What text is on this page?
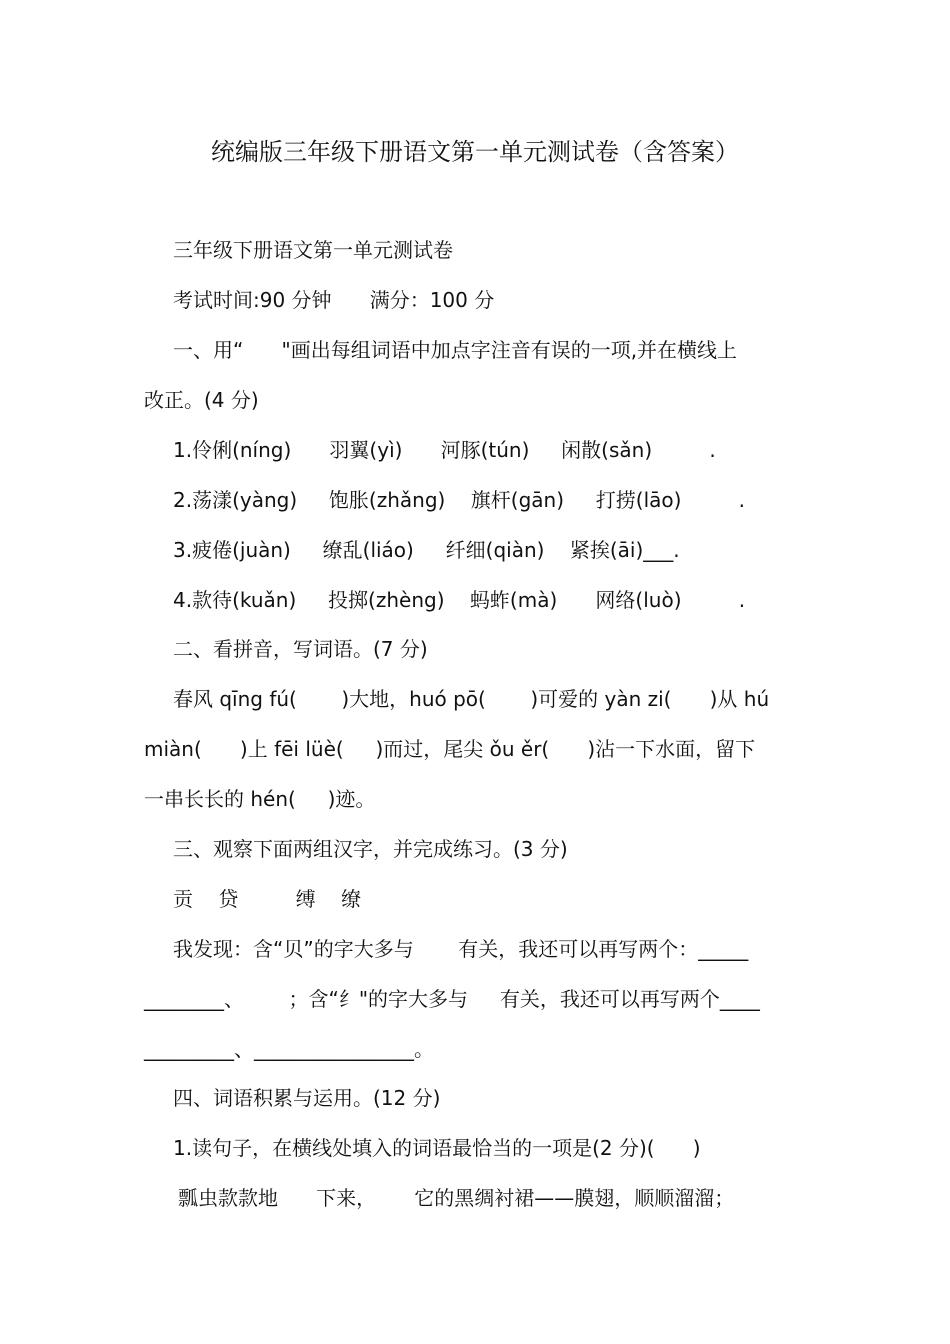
统编版三年级下册语文第一单元测试卷（含答案）
三年级下册语文第一单元测试卷
考试时间:90 分钟      满分：100 分
一、用“      "画出每组词语中加点字注音有误的一项,并在横线上
改正。(4 分)
1.伶俐(níng)      羽翼(yì)      河豚(tún)     闲散(sǎn)         .
2.荡漾(yàng)     饱胀(zhǎng)    旗杆(gān)     打捞(lāo)         .
3.疲倦(juàn)     缭乱(liáo)     纤细(qiàn)    紧挨(āi)___.
4.款待(kuǎn)     投掷(zhèng)    蚂蚱(mà)      网络(luò)         .
二、看拼音，写词语。(7 分)
春风 qīng fú(       )大地，huó pō(       )可爱的 yàn zi(      )从 hú
miàn(      )上 fēi lüè(     )而过，尾尖 ǒu ěr(      )沾一下水面，留下
一串长长的 hén(     )迹。
三、观察下面两组汉字，并完成练习。(3 分)
贡    贷         缚    缭
我发现：含“贝”的字大多与       有关，我还可以再写两个：_____
________、       ；含“纟"的字大多与     有关，我还可以再写两个____
_________、________________。
四、词语积累与运用。(12 分)
1.读句子，在横线处填入的词语最恰当的一项是(2 分)(      )
瓢虫款款地      下来，      它的黑绸衬裙——膜翅，顺顺溜溜；
